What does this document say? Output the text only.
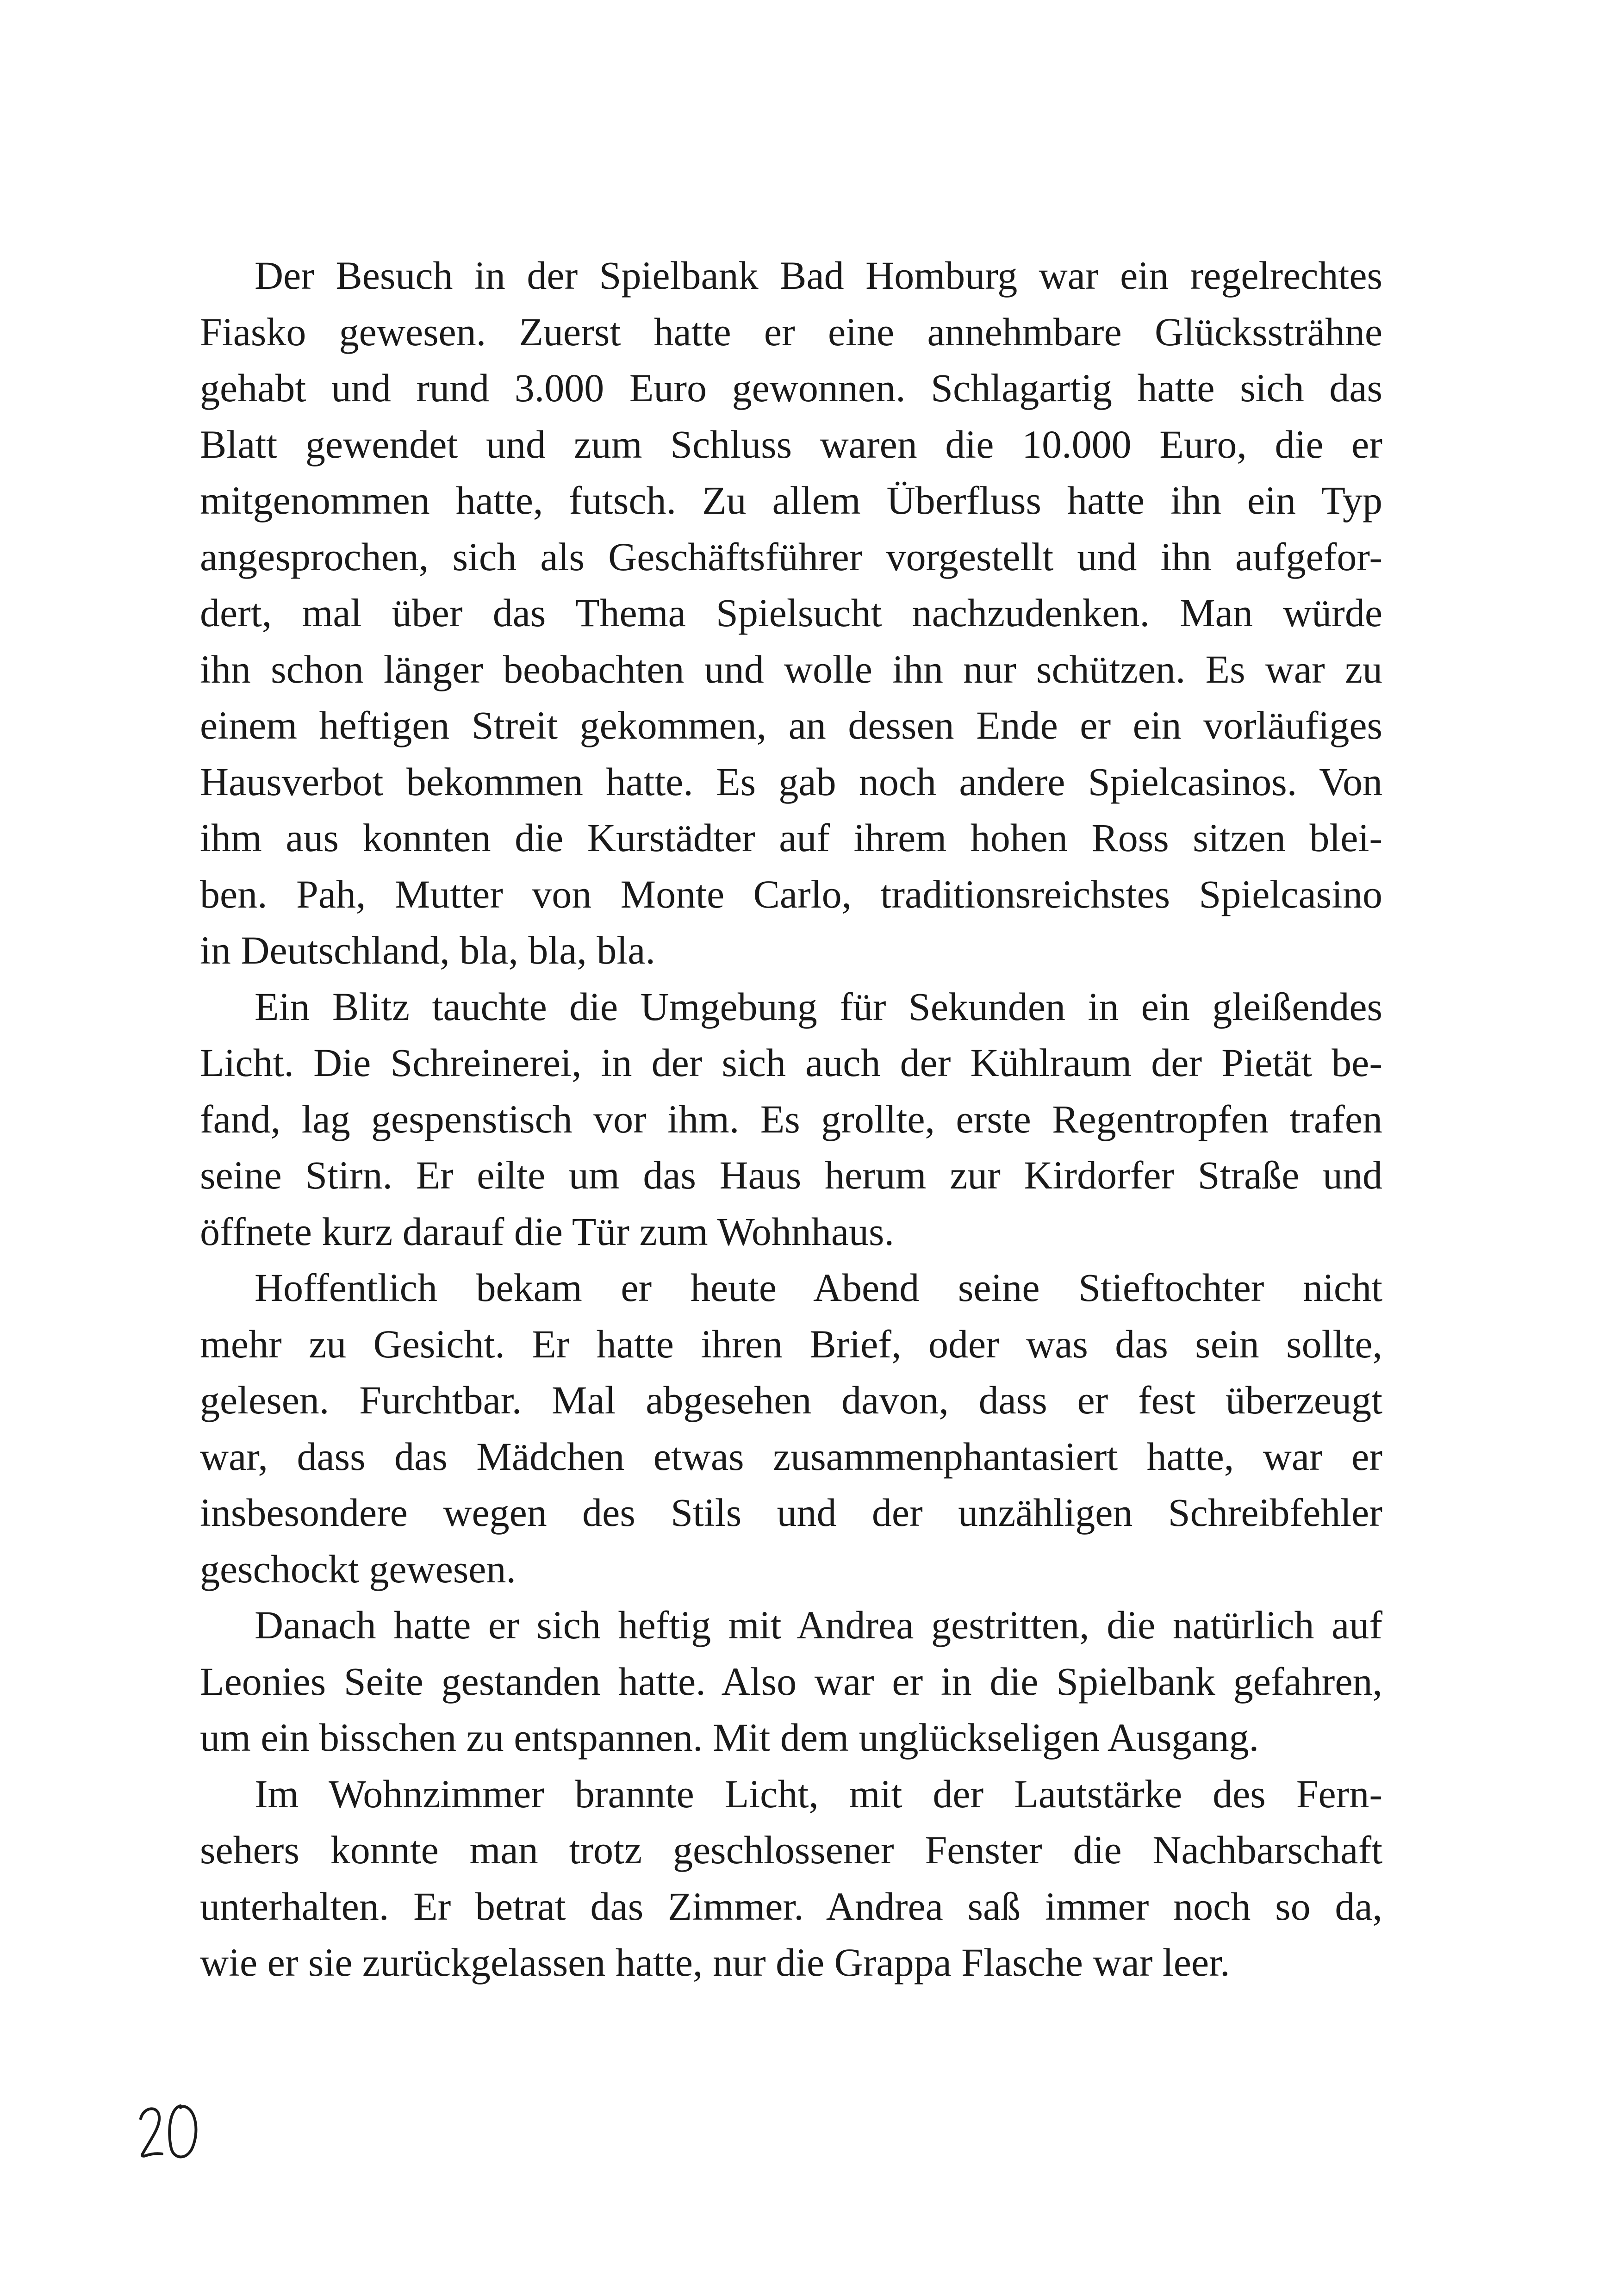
Der Besuch in der Spielbank Bad Homburg war ein regelrechtes
Fiasko gewesen. Zuerst hatte er eine annehmbare Glückssträhne
gehabt und rund 3.000 Euro gewonnen. Schlagartig hatte sich das
Blatt gewendet und zum Schluss waren die 10.000 Euro, die er
mitgenommen hatte, futsch. Zu allem Überfluss hatte ihn ein Typ
angesprochen, sich als Geschäftsführer vorgestellt und ihn aufgefor-
dert, mal über das Thema Spielsucht nachzudenken. Man würde
ihn schon länger beobachten und wolle ihn nur schützen. Es war zu
einem heftigen Streit gekommen, an dessen Ende er ein vorläufiges
Hausverbot bekommen hatte. Es gab noch andere Spielcasinos. Von
ihm aus konnten die Kurstädter auf ihrem hohen Ross sitzen blei-
ben. Pah, Mutter von Monte Carlo, traditionsreichstes Spielcasino
in Deutschland, bla, bla, bla.
Ein Blitz tauchte die Umgebung für Sekunden in ein gleißendes
Licht. Die Schreinerei, in der sich auch der Kühlraum der Pietät be-
fand, lag gespenstisch vor ihm. Es grollte, erste Regentropfen trafen
seine Stirn. Er eilte um das Haus herum zur Kirdorfer Straße und
öffnete kurz darauf die Tür zum Wohnhaus.
Hoffentlich bekam er heute Abend seine Stieftochter nicht
mehr zu Gesicht. Er hatte ihren Brief, oder was das sein sollte,
gelesen. Furchtbar. Mal abgesehen davon, dass er fest überzeugt
war, dass das Mädchen etwas zusammenphantasiert hatte, war er
insbesondere wegen des Stils und der unzähligen Schreibfehler
geschockt gewesen.
Danach hatte er sich heftig mit Andrea gestritten, die natürlich auf
Leonies Seite gestanden hatte. Also war er in die Spielbank gefahren,
um ein bisschen zu entspannen. Mit dem unglückseligen Ausgang.
Im Wohnzimmer brannte Licht, mit der Lautstärke des Fern-
sehers konnte man trotz geschlossener Fenster die Nachbarschaft
unterhalten. Er betrat das Zimmer. Andrea saß immer noch so da,
wie er sie zurückgelassen hatte, nur die Grappa Flasche war leer.
